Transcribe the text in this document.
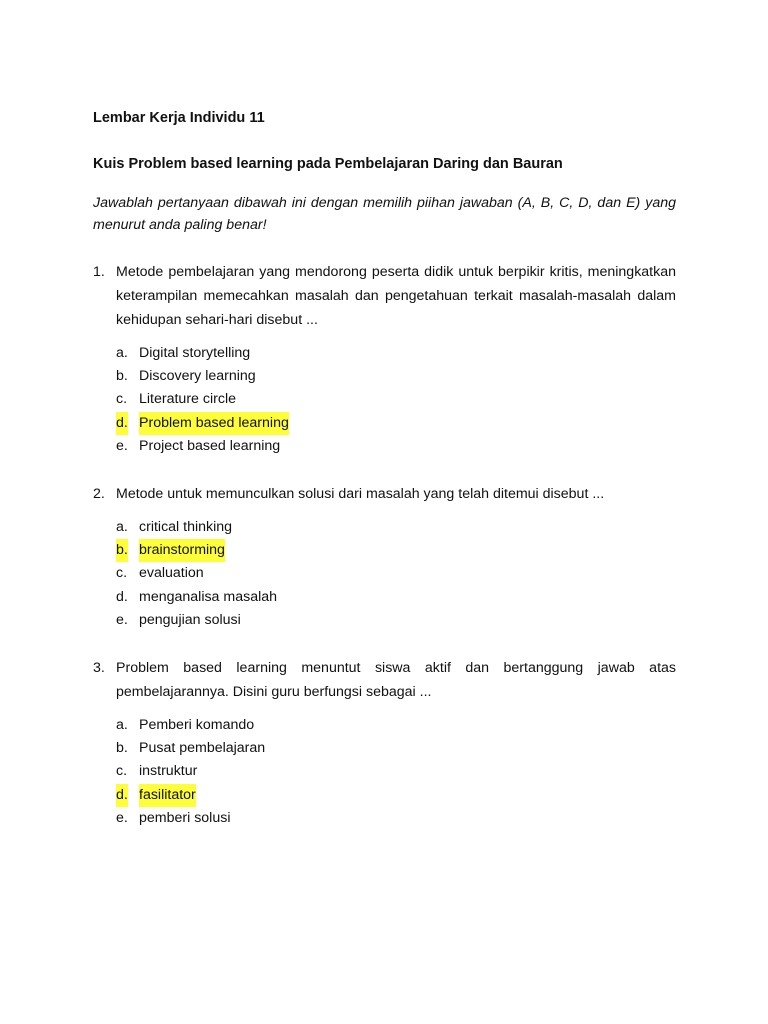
Lembar Kerja Individu 11
Kuis Problem based learning pada Pembelajaran Daring dan Bauran

Jawablah pertanyaan dibawah ini dengan memilih piihan jawaban (A, B, C, D, dan E) yang menurut anda paling benar!

1. Metode pembelajaran yang mendorong peserta didik untuk berpikir kritis, meningkatkan keterampilan memecahkan masalah dan pengetahuan terkait masalah-masalah dalam kehidupan sehari-hari disebut ...

a. Digital storytelling
b. Discovery learning
c. Literature circle
d. Problem based learning
e. Project based learning
2. Metode untuk memunculkan solusi dari masalah yang telah ditemui disebut ...

a. critical thinking
b. brainstorming
c. evaluation
d. menganalisa masalah
e. pengujian solusi
3. Problem based learning menuntut siswa aktif dan bertanggung jawab atas pembelajarannya. Disini guru berfungsi sebagai ...

a. Pemberi komando
b. Pusat pembelajaran
c. instruktur
d. fasilitator
e. pemberi solusi
